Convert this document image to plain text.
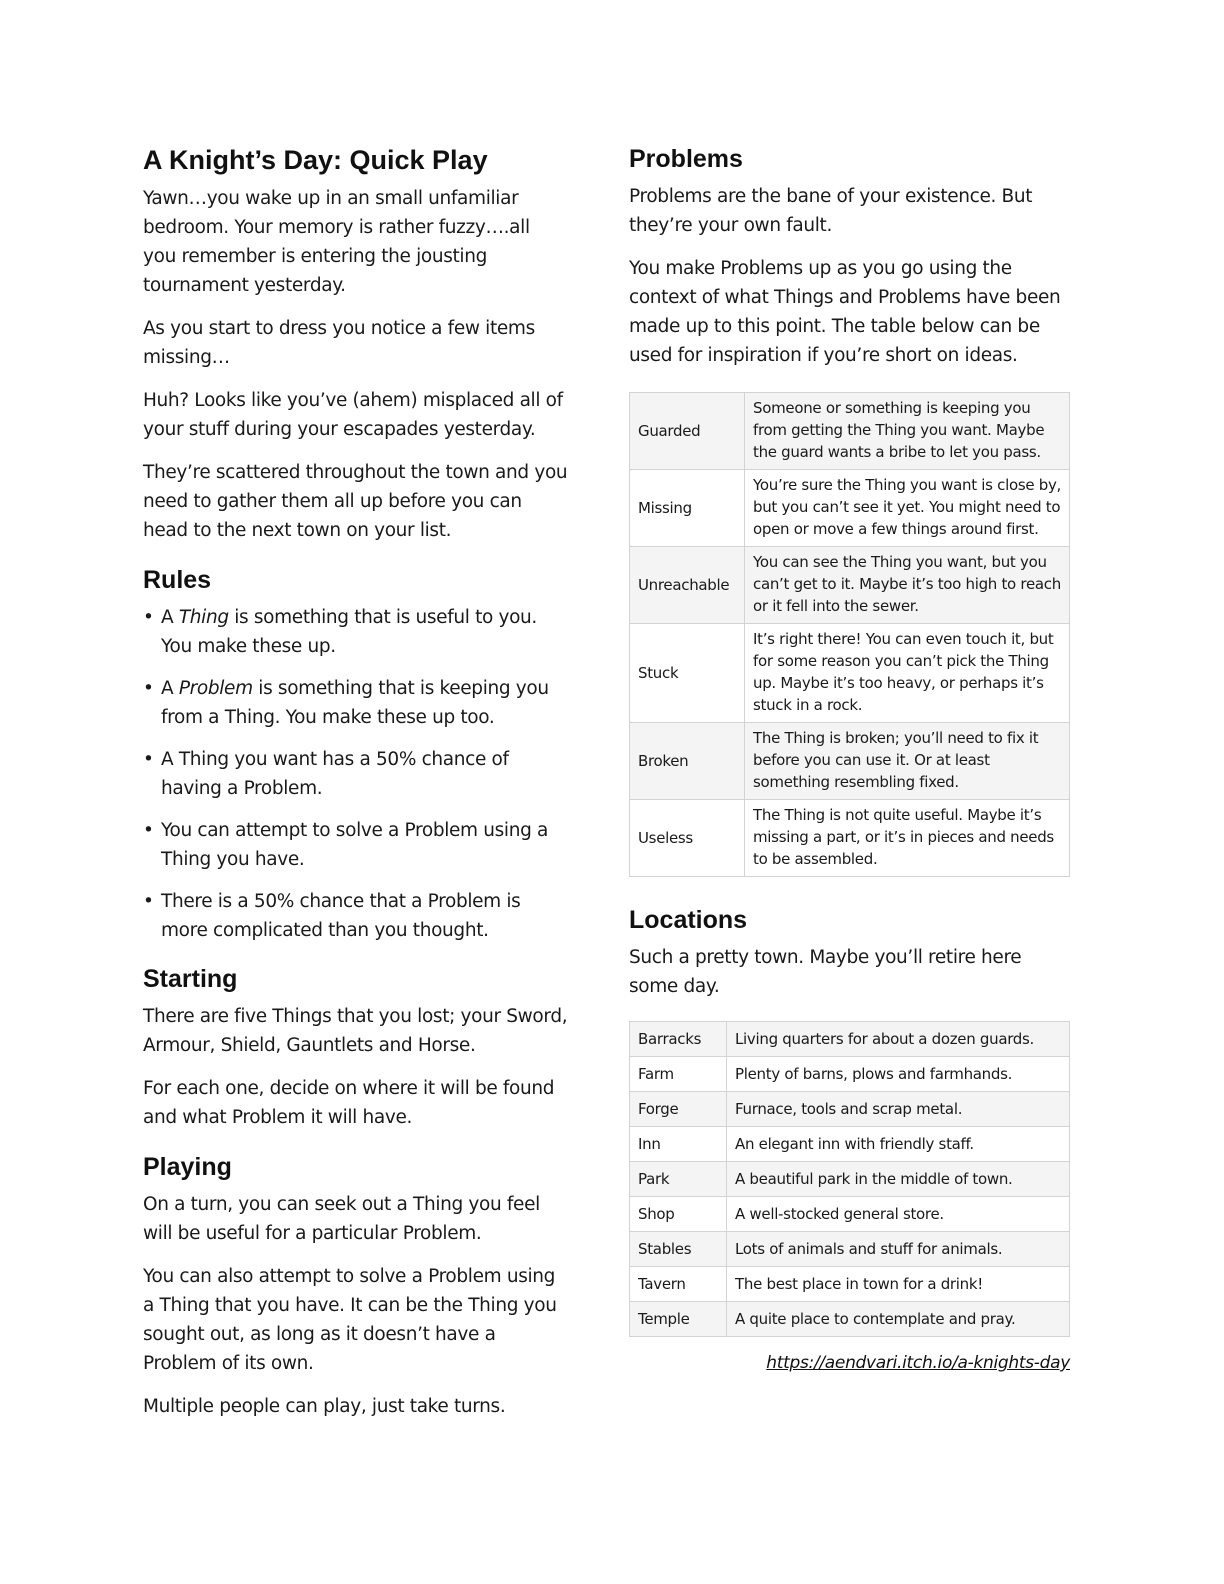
A Knight’s Day: Quick Play

Yawn…you wake up in an small unfamiliar bedroom. Your memory is rather fuzzy….all you remember is entering the jousting tournament yesterday.

As you start to dress you notice a few items missing…

Huh? Looks like you’ve (ahem) misplaced all of your stuff during your escapades yesterday.

They’re scattered throughout the town and you need to gather them all up before you can head to the next town on your list.

Rules
• A Thing is something that is useful to you. You make these up.
• A Problem is something that is keeping you from a Thing. You make these up too.
• A Thing you want has a 50% chance of having a Problem.
• You can attempt to solve a Problem using a Thing you have.
• There is a 50% chance that a Problem is more complicated than you thought.
Starting

There are five Things that you lost; your Sword, Armour, Shield, Gauntlets and Horse.

For each one, decide on where it will be found and what Problem it will have.

Playing

On a turn, you can seek out a Thing you feel will be useful for a particular Problem.

You can also attempt to solve a Problem using a Thing that you have. It can be the Thing you sought out, as long as it doesn’t have a Problem of its own.

Multiple people can play, just take turns.

Problems

Problems are the bane of your existence. But they’re your own fault.

You make Problems up as you go using the context of what Things and Problems have been made up to this point. The table below can be used for inspiration if you’re short on ideas.

Guarded	Someone or something is keeping you from getting the Thing you want. Maybe the guard wants a bribe to let you pass.
Missing	You’re sure the Thing you want is close by, but you can’t see it yet. You might need to open or move a few things around first.
Unreachable	You can see the Thing you want, but you can’t get to it. Maybe it’s too high to reach or it fell into the sewer.
Stuck	It’s right there! You can even touch it, but for some reason you can’t pick the Thing up. Maybe it’s too heavy, or perhaps it’s stuck in a rock.
Broken	The Thing is broken; you’ll need to fix it before you can use it. Or at least something resembling fixed.
Useless	The Thing is not quite useful. Maybe it’s missing a part, or it’s in pieces and needs to be assembled.
Locations

Such a pretty town. Maybe you’ll retire here some day.

Barracks	Living quarters for about a dozen guards.
Farm	Plenty of barns, plows and farmhands.
Forge	Furnace, tools and scrap metal.
Inn	An elegant inn with friendly staff.
Park	A beautiful park in the middle of town.
Shop	A well-stocked general store.
Stables	Lots of animals and stuff for animals.
Tavern	The best place in town for a drink!
Temple	A quite place to contemplate and pray.
https://aendvari.itch.io/a-knights-day
